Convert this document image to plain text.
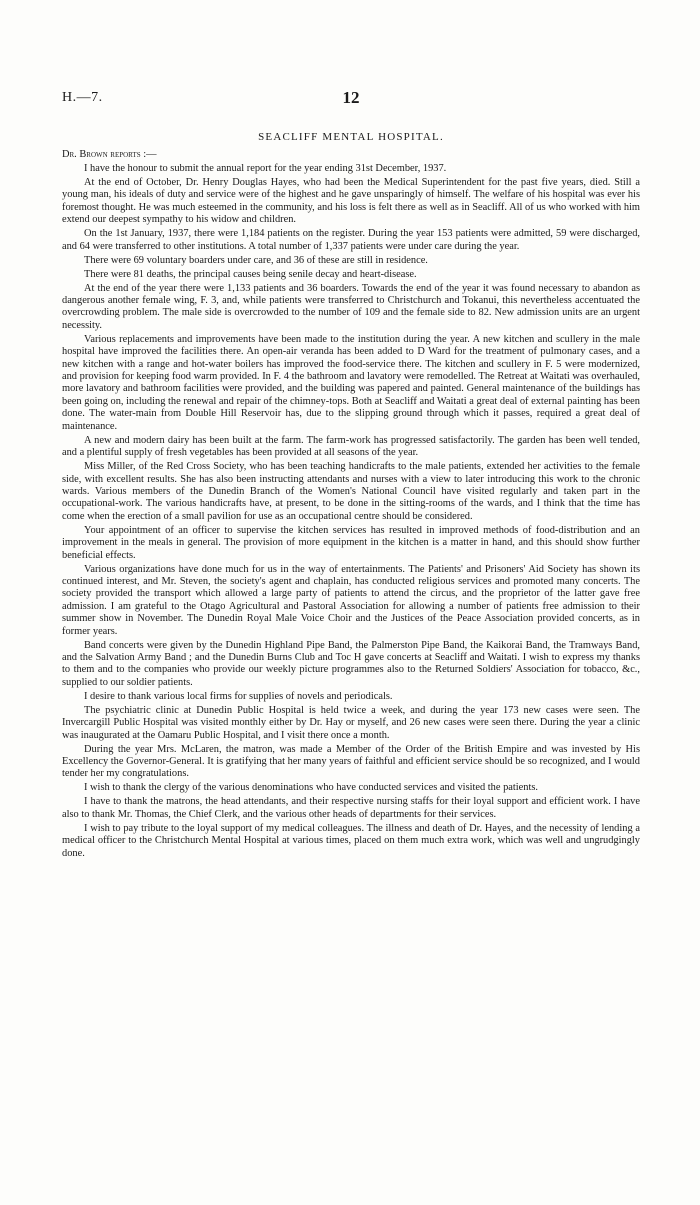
H.—7.	12
SEACLIFF MENTAL HOSPITAL.

Dr. Brown reports :—

I have the honour to submit the annual report for the year ending 31st December, 1937.

At the end of October, Dr. Henry Douglas Hayes, who had been the Medical Superintendent for the past five years, died. Still a young man, his ideals of duty and service were of the highest and he gave unsparingly of himself. The welfare of his hospital was ever his foremost thought. He was much esteemed in the community, and his loss is felt there as well as in Seacliff. All of us who worked with him extend our deepest sympathy to his widow and children.

On the 1st January, 1937, there were 1,184 patients on the register. During the year 153 patients were admitted, 59 were discharged, and 64 were transferred to other institutions. A total number of 1,337 patients were under care during the year.

There were 69 voluntary boarders under care, and 36 of these are still in residence.

There were 81 deaths, the principal causes being senile decay and heart-disease.

At the end of the year there were 1,133 patients and 36 boarders. Towards the end of the year it was found necessary to abandon as dangerous another female wing, F. 3, and, while patients were transferred to Christchurch and Tokanui, this nevertheless accentuated the overcrowding problem. The male side is overcrowded to the number of 109 and the female side to 82. New admission units are an urgent necessity.

Various replacements and improvements have been made to the institution during the year. A new kitchen and scullery in the male hospital have improved the facilities there. An open-air veranda has been added to D Ward for the treatment of pulmonary cases, and a new kitchen with a range and hot-water boilers has improved the food-service there. The kitchen and scullery in F. 5 were modernized, and provision for keeping food warm provided. In F. 4 the bathroom and lavatory were remodelled. The Retreat at Waitati was overhauled, more lavatory and bathroom facilities were provided, and the building was papered and painted. General maintenance of the buildings has been going on, including the renewal and repair of the chimney-tops. Both at Seacliff and Waitati a great deal of external painting has been done. The water-main from Double Hill Reservoir has, due to the slipping ground through which it passes, required a great deal of maintenance.

A new and modern dairy has been built at the farm. The farm-work has progressed satisfactorily. The garden has been well tended, and a plentiful supply of fresh vegetables has been provided at all seasons of the year.

Miss Miller, of the Red Cross Society, who has been teaching handicrafts to the male patients, extended her activities to the female side, with excellent results. She has also been instructing attendants and nurses with a view to later introducing this work to the chronic wards. Various members of the Dunedin Branch of the Women's National Council have visited regularly and taken part in the occupational-work. The various handicrafts have, at present, to be done in the sitting-rooms of the wards, and I think that the time has come when the erection of a small pavilion for use as an occupational centre should be considered.

Your appointment of an officer to supervise the kitchen services has resulted in improved methods of food-distribution and an improvement in the meals in general. The provision of more equipment in the kitchen is a matter in hand, and this should show further beneficial effects.

Various organizations have done much for us in the way of entertainments. The Patients' and Prisoners' Aid Society has shown its continued interest, and Mr. Steven, the society's agent and chaplain, has conducted religious services and promoted many concerts. The society provided the transport which allowed a large party of patients to attend the circus, and the proprietor of the latter gave free admission. I am grateful to the Otago Agricultural and Pastoral Association for allowing a number of patients free admission to their summer show in November. The Dunedin Royal Male Voice Choir and the Justices of the Peace Association provided concerts, as in former years.

Band concerts were given by the Dunedin Highland Pipe Band, the Palmerston Pipe Band, the Kaikorai Band, the Tramways Band, and the Salvation Army Band ; and the Dunedin Burns Club and Toc H gave concerts at Seacliff and Waitati. I wish to express my thanks to them and to the companies who provide our weekly picture programmes also to the Returned Soldiers' Association for tobacco, &c., supplied to our soldier patients.

I desire to thank various local firms for supplies of novels and periodicals.

The psychiatric clinic at Dunedin Public Hospital is held twice a week, and during the year 173 new cases were seen. The Invercargill Public Hospital was visited monthly either by Dr. Hay or myself, and 26 new cases were seen there. During the year a clinic was inaugurated at the Oamaru Public Hospital, and I visit there once a month.

During the year Mrs. McLaren, the matron, was made a Member of the Order of the British Empire and was invested by His Excellency the Governor-General. It is gratifying that her many years of faithful and efficient service should be so recognized, and I would tender her my congratulations.

I wish to thank the clergy of the various denominations who have conducted services and visited the patients.

I have to thank the matrons, the head attendants, and their respective nursing staffs for their loyal support and efficient work. I have also to thank Mr. Thomas, the Chief Clerk, and the various other heads of departments for their services.

I wish to pay tribute to the loyal support of my medical colleagues. The illness and death of Dr. Hayes, and the necessity of lending a medical officer to the Christchurch Mental Hospital at various times, placed on them much extra work, which was well and ungrudgingly done.
